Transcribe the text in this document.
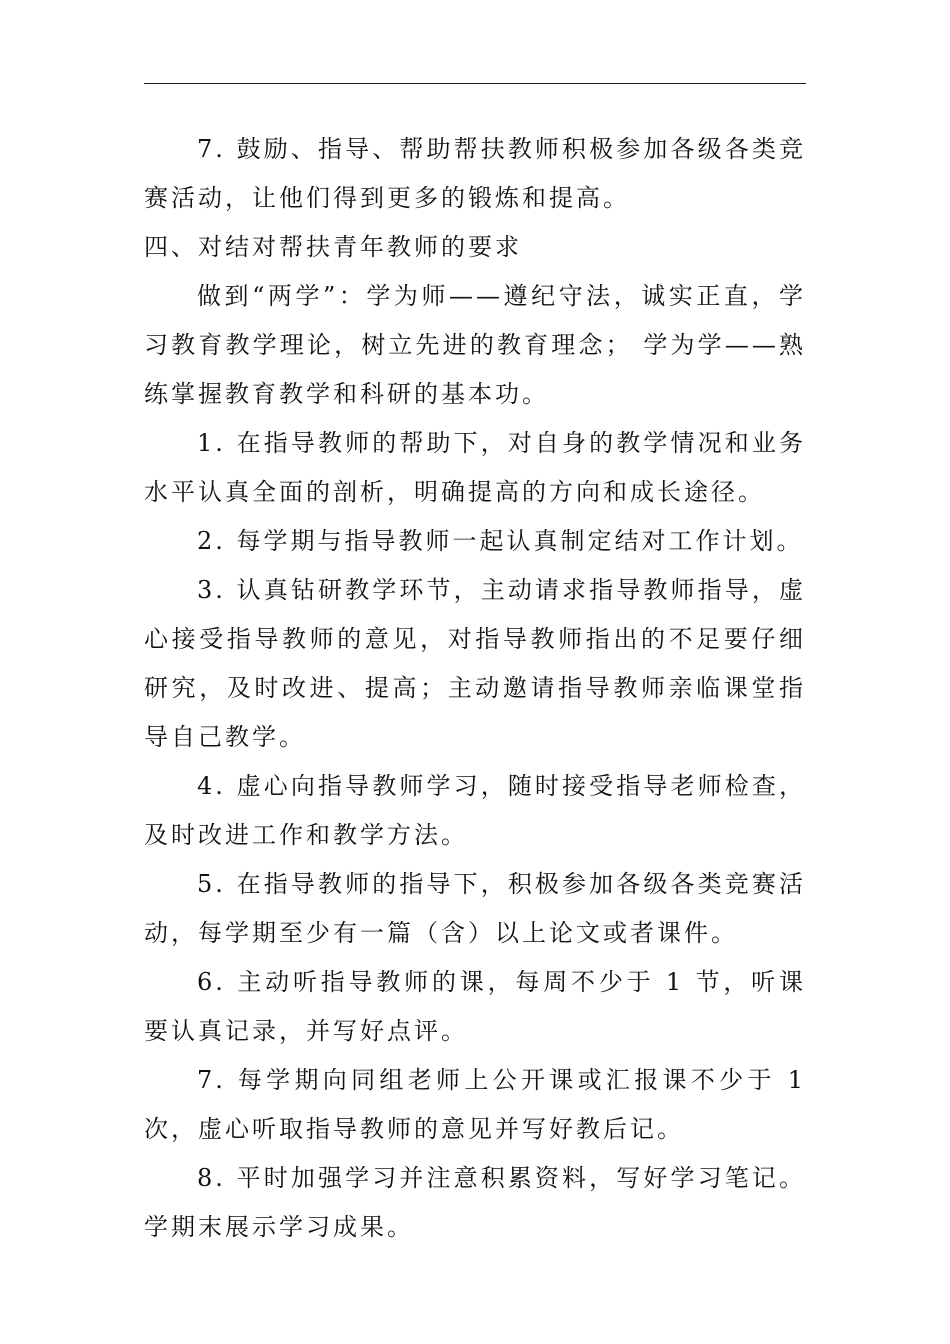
7. 鼓励、指导、帮助帮扶教师积极参加各级各类竞赛活动，让他们得到更多的锻炼和提高。

四、对结对帮扶青年教师的要求

做到“两学”：学为师——遵纪守法，诚实正直，学习教育教学理论，树立先进的教育理念； 学为学——熟练掌握教育教学和科研的基本功。

1. 在指导教师的帮助下，对自身的教学情况和业务水平认真全面的剖析，明确提高的方向和成长途径。

2. 每学期与指导教师一起认真制定结对工作计划。

3. 认真钻研教学环节，主动请求指导教师指导，虚心接受指导教师的意见，对指导教师指出的不足要仔细研究，及时改进、提高；主动邀请指导教师亲临课堂指导自己教学。

4. 虚心向指导教师学习，随时接受指导老师检查，及时改进工作和教学方法。

5. 在指导教师的指导下，积极参加各级各类竞赛活动，每学期至少有一篇（含）以上论文或者课件。

6. 主动听指导教师的课，每周不少于 1 节，听课要认真记录，并写好点评。

7. 每学期向同组老师上公开课或汇报课不少于 1 次，虚心听取指导教师的意见并写好教后记。

8. 平时加强学习并注意积累资料，写好学习笔记。学期末展示学习成果。
